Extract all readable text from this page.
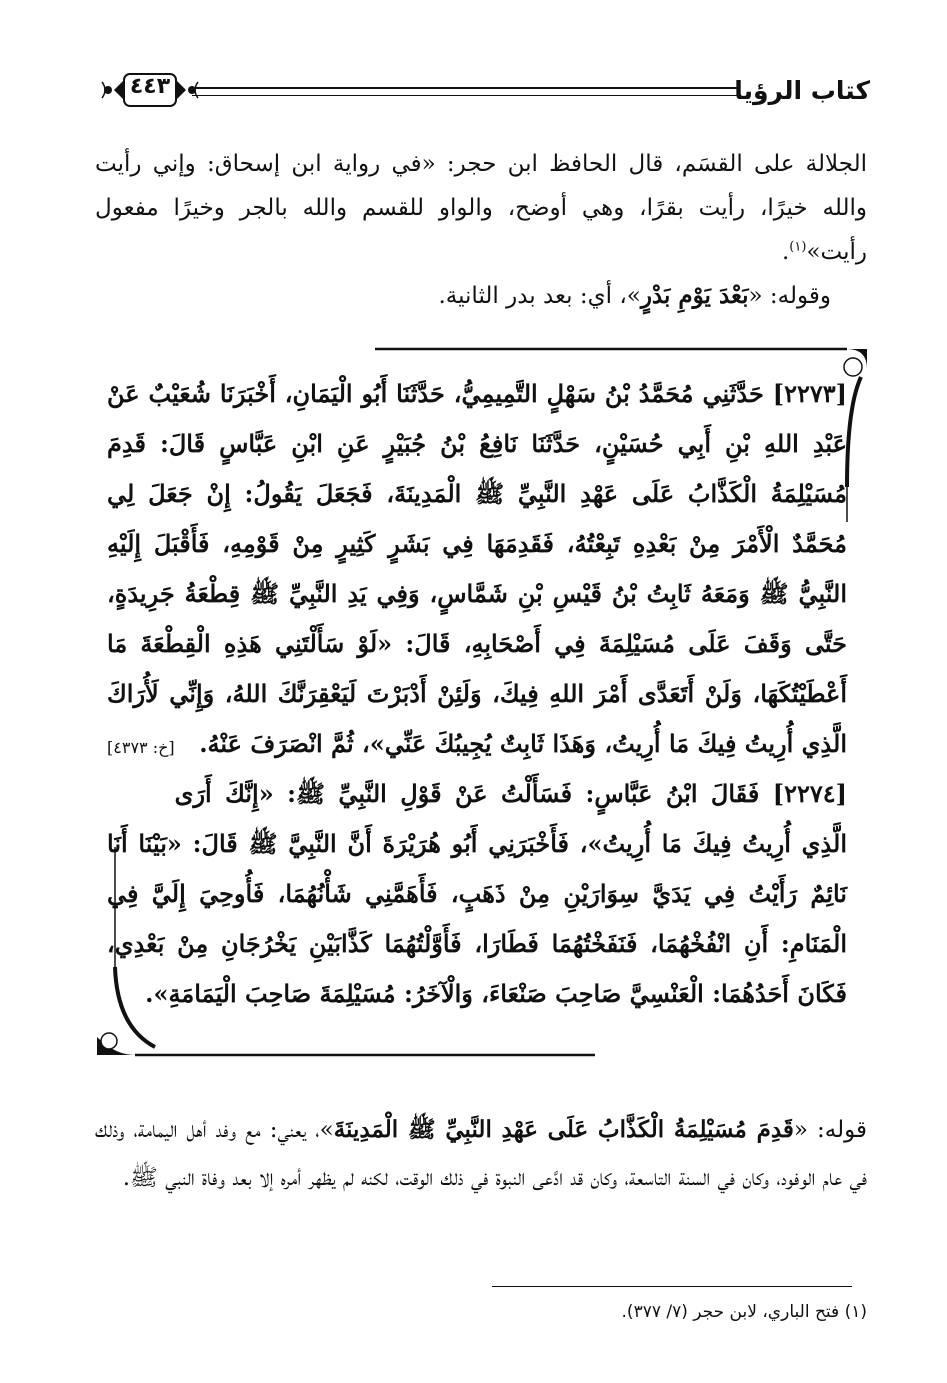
كتاب الرؤيا
٤٤٣

الجلالة على القسَم، قال الحافظ ابن حجر: «في رواية ابن إسحاق: وإني رأيت والله خيرًا، رأيت بقرًا، وهي أوضح، والواو للقسم والله بالجر وخيرًا مفعول رأيت»$^{(١)}$.

وقوله: «بَعْدَ يَوْمِ بَدْرٍ»، أي: بعد بدر الثانية.

[٢٢٧٣] حَدَّثَنِي مُحَمَّدُ بْنُ سَهْلٍ التَّمِيمِيُّ، حَدَّثَنَا أَبُو الْيَمَانِ، أَخْبَرَنَا شُعَيْبٌ عَنْ عَبْدِ اللهِ بْنِ أَبِي حُسَيْنٍ، حَدَّثَنَا نَافِعُ بْنُ جُبَيْرٍ عَنِ ابْنِ عَبَّاسٍ قَالَ: قَدِمَ مُسَيْلِمَةُ الْكَذَّابُ عَلَى عَهْدِ النَّبِيِّ ﷺ الْمَدِينَةَ، فَجَعَلَ يَقُولُ: إِنْ جَعَلَ لِي مُحَمَّدٌ الْأَمْرَ مِنْ بَعْدِهِ تَبِعْتُهُ، فَقَدِمَهَا فِي بَشَرٍ كَثِيرٍ مِنْ قَوْمِهِ، فَأَقْبَلَ إِلَيْهِ النَّبِيُّ ﷺ وَمَعَهُ ثَابِتُ بْنُ قَيْسِ بْنِ شَمَّاسٍ، وَفِي يَدِ النَّبِيِّ ﷺ قِطْعَةُ جَرِيدَةٍ، حَتَّى وَقَفَ عَلَى مُسَيْلِمَةَ فِي أَصْحَابِهِ، قَالَ: «لَوْ سَأَلْتَنِي هَذِهِ الْقِطْعَةَ مَا أَعْطَيْتُكَهَا، وَلَنْ أَتَعَدَّى أَمْرَ اللهِ فِيكَ، وَلَئِنْ أَدْبَرْتَ لَيَعْقِرَنَّكَ اللهُ، وَإِنِّي لَأُرَاكَ الَّذِي أُرِيتُ فِيكَ مَا أُرِيتُ، وَهَذَا ثَابِتٌ يُجِيبُكَ عَنِّي»، ثُمَّ انْصَرَفَ عَنْهُ.
[خ: ٤٣٧٣]

[٢٢٧٤] فَقَالَ ابْنُ عَبَّاسٍ: فَسَأَلْتُ عَنْ قَوْلِ النَّبِيِّ ﷺ: «إِنَّكَ أَرَى الَّذِي أُرِيتُ فِيكَ مَا أُرِيتُ»، فَأَخْبَرَنِي أَبُو هُرَيْرَةَ أَنَّ النَّبِيَّ ﷺ قَالَ: «بَيْنَا أَنَا نَائِمٌ رَأَيْتُ فِي يَدَيَّ سِوَارَيْنِ مِنْ ذَهَبٍ، فَأَهَمَّنِي شَأْنُهُمَا، فَأُوحِيَ إِلَيَّ فِي الْمَنَامِ: أَنِ انْفُخْهُمَا، فَنَفَخْتُهُمَا فَطَارَا، فَأَوَّلْتُهُمَا كَذَّابَيْنِ يَخْرُجَانِ مِنْ بَعْدِي، فَكَانَ أَحَدُهُمَا: الْعَنْسِيَّ صَاحِبَ صَنْعَاءَ، وَالْآخَرُ: مُسَيْلِمَةَ صَاحِبَ الْيَمَامَةِ».

قوله: «قَدِمَ مُسَيْلِمَةُ الْكَذَّابُ عَلَى عَهْدِ النَّبِيِّ ﷺ الْمَدِينَةَ»، يعني: مع وفد أهل اليمامة، وذلك في عام الوفود، وكان في السنة التاسعة، وكان قد ادَّعى النبوة في ذلك الوقت، لكنه لم يظهر أمره إلا بعد وفاة النبي ﷺ.

(١) فتح الباري، لابن حجر (٧/ ٣٧٧).
